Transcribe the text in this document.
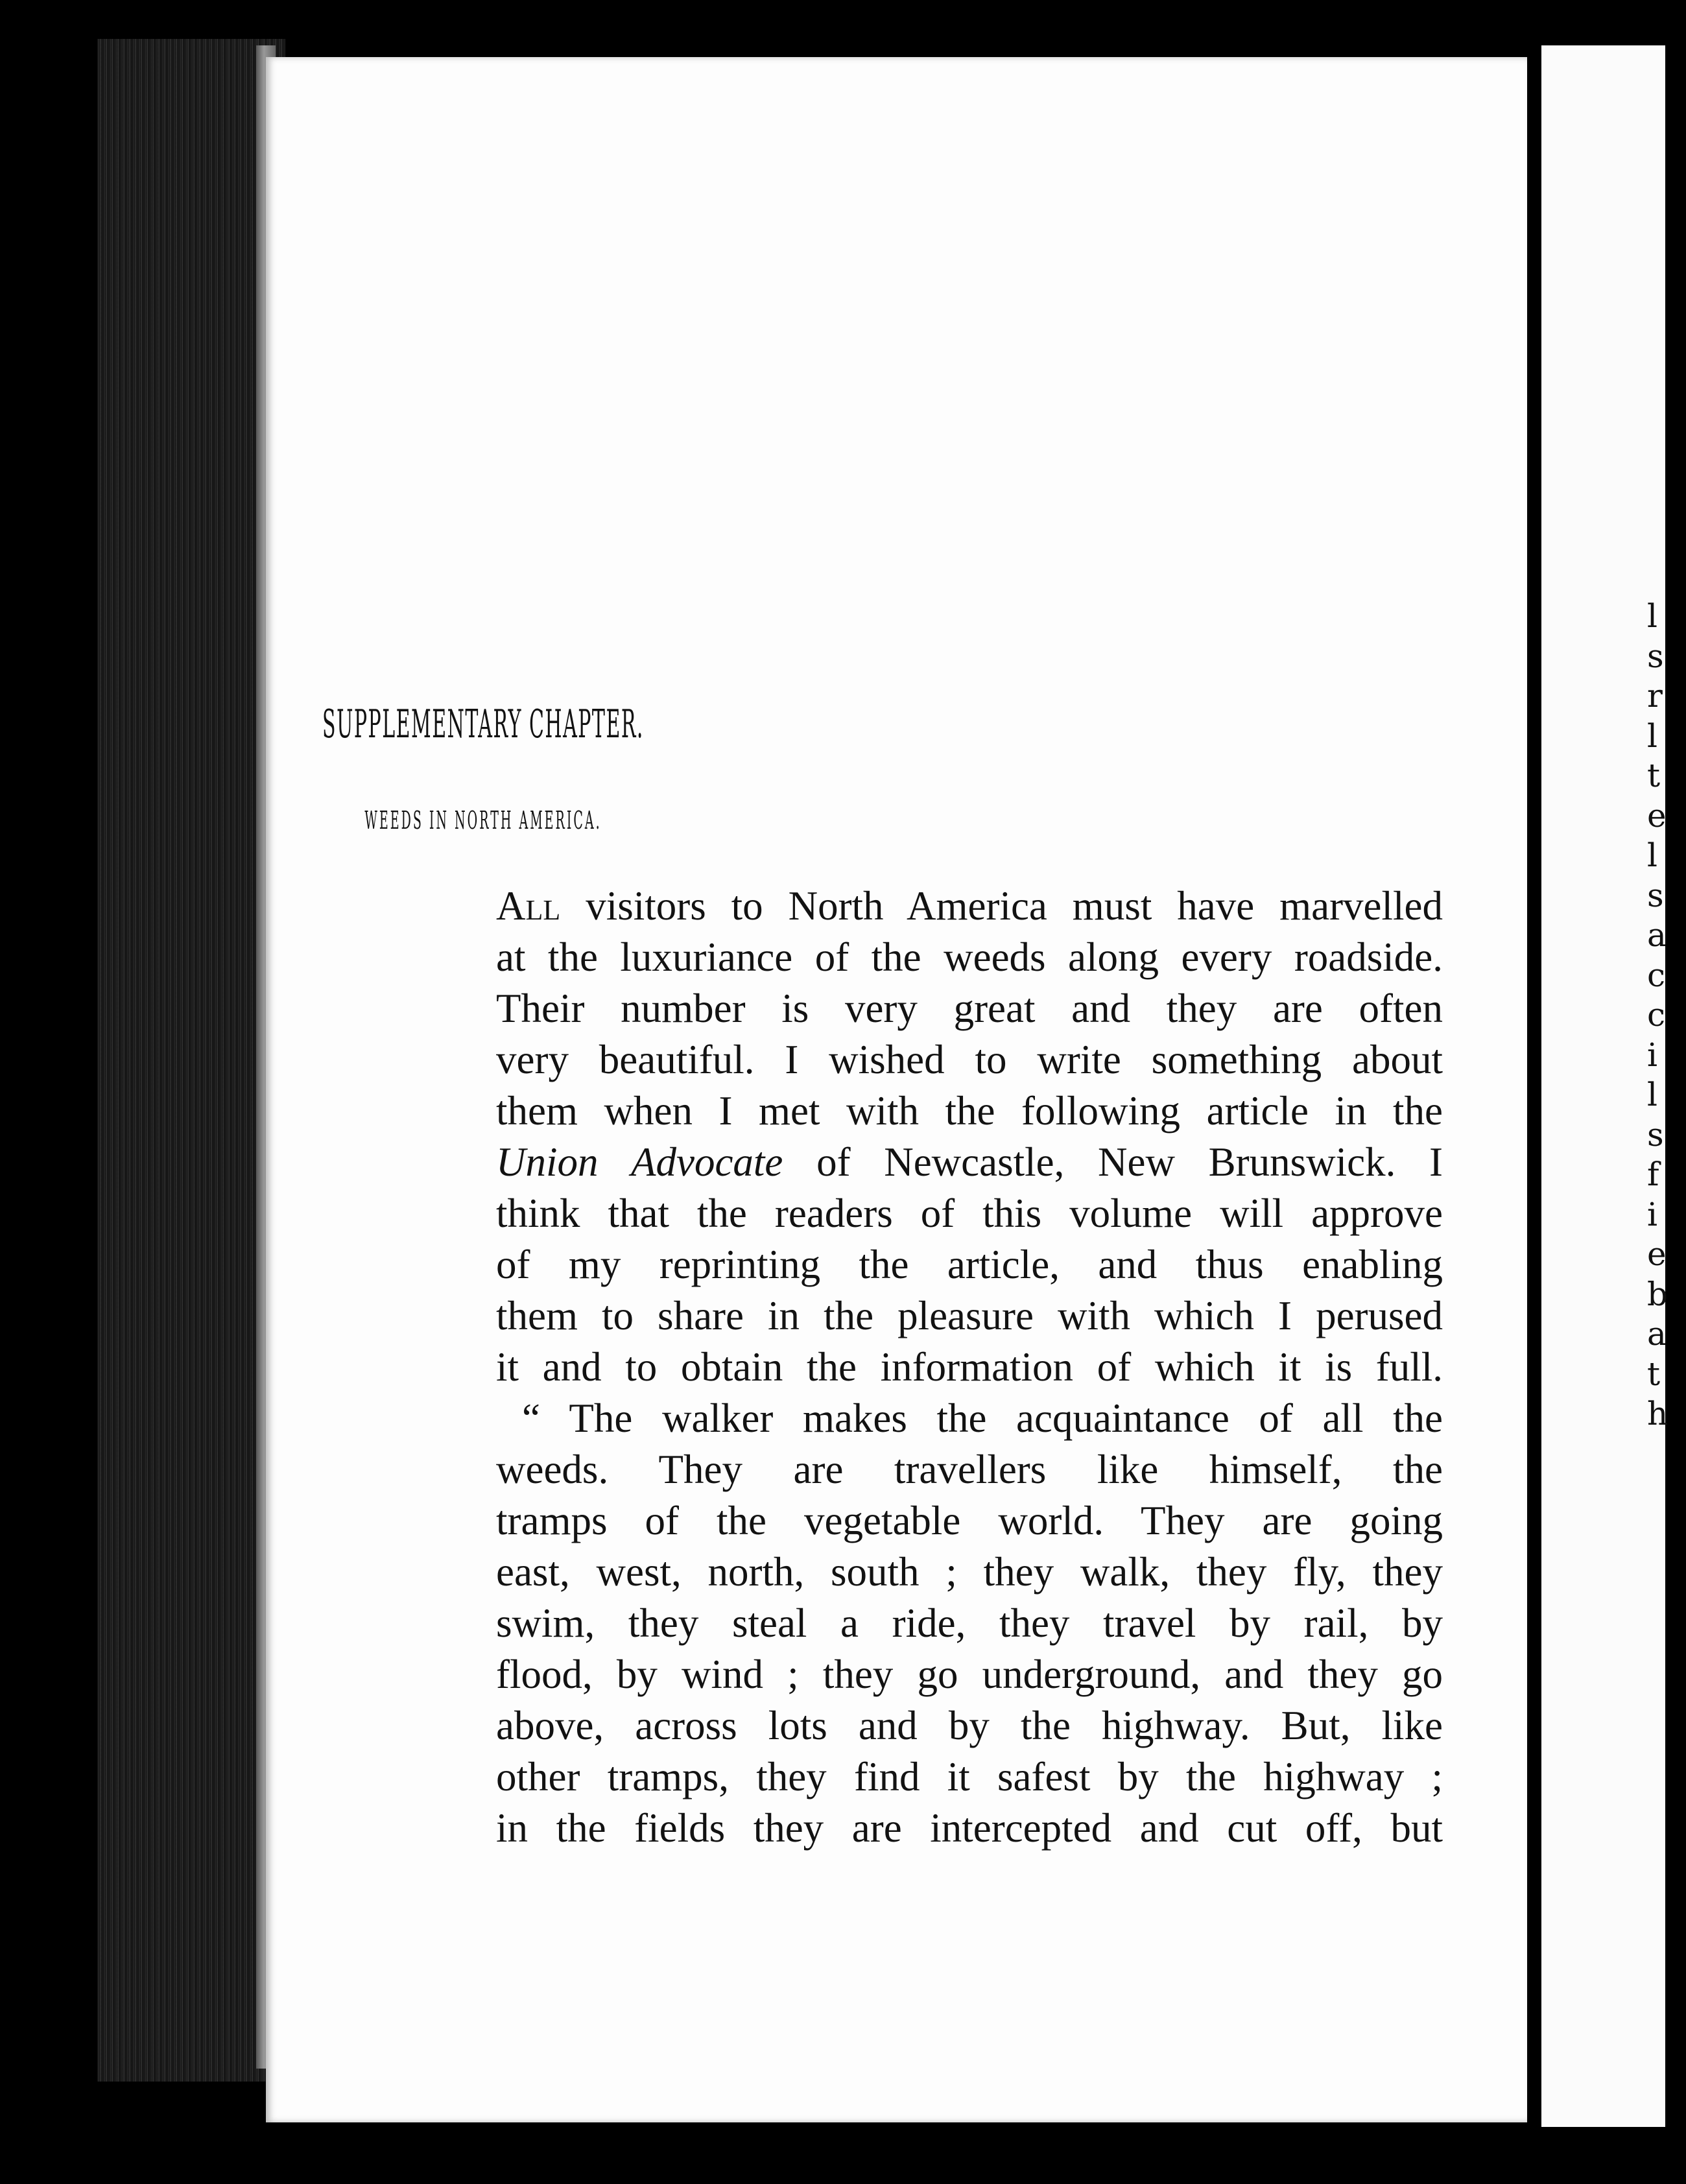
l
s
r
l
t
e
l
s
a
c
c
i
l
s
f
i
e
b
a
t
h
SUPPLEMENTARY CHAPTER.
WEEDS IN NORTH AMERICA.
All visitors to North America must have marvelled
at the luxuriance of the weeds along every roadside.
Their number is very great and they are often
very beautiful. I wished to write something about
them when I met with the following article in the
Union Advocate of Newcastle, New Brunswick. I
think that the readers of this volume will approve
of my reprinting the article, and thus enabling
them to share in the pleasure with which I perused
it and to obtain the information of which it is full.
“ The walker makes the acquaintance of all the
weeds. They are travellers like himself, the
tramps of the vegetable world. They are going
east, west, north, south ; they walk, they fly, they
swim, they steal a ride, they travel by rail, by
flood, by wind ; they go underground, and they go
above, across lots and by the highway. But, like
other tramps, they find it safest by the highway ;
in the fields they are intercepted and cut off, but
